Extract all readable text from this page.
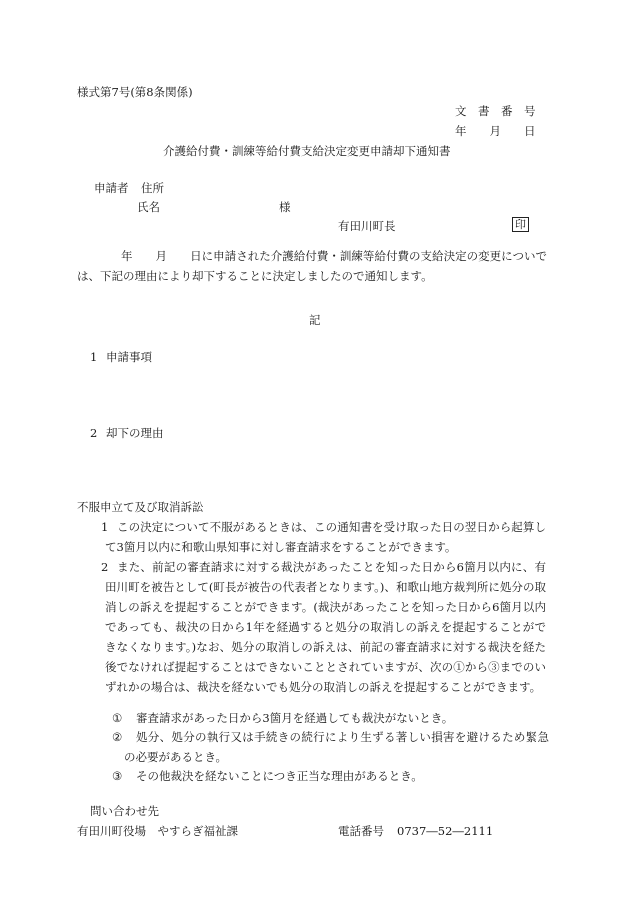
様式第7号(第8条関係)
文　書　番　号
年　　月　　日
介護給付費・訓練等給付費支給決定変更申請却下通知書
申請者 住所
氏名	様
有田川町長	印
年　　月　　日に申請された介護給付費・訓練等給付費の支給決定の変更についでは、下記の理由により却下することに決定しましたので通知します。
記
1 申請事項
2 却下の理由
不服申立て及び取消訴訟
1 この決定について不服があるときは、この通知書を受け取った日の翌日から起算して3箇月以内に和歌山県知事に対し審査請求をすることができます。
2 また、前記の審査請求に対する裁決があったことを知った日から6箇月以内に、有田川町を被告として(町長が被告の代表者となります。)、和歌山地方裁判所に処分の取消しの訴えを提起することができます。(裁決があったことを知った日から6箇月以内であっても、裁決の日から1年を経過すると処分の取消しの訴えを提起することができなくなります。)なお、処分の取消しの訴えは、前記の審査請求に対する裁決を経た後でなければ提起することはできないこととされていますが、次の①から③までのいずれかの場合は、裁決を経ないでも処分の取消しの訴えを提起することができます。
① 審査請求があった日から3箇月を経過しても裁決がないとき。
②	処分、処分の執行又は手続きの続行により生ずる著しい損害を避けるため緊急の必要があるとき。
③ その他裁決を経ないことにつき正当な理由があるとき。
問い合わせ先
有田川町役場　やすらぎ福祉課	電話番号 0737―52―2111
